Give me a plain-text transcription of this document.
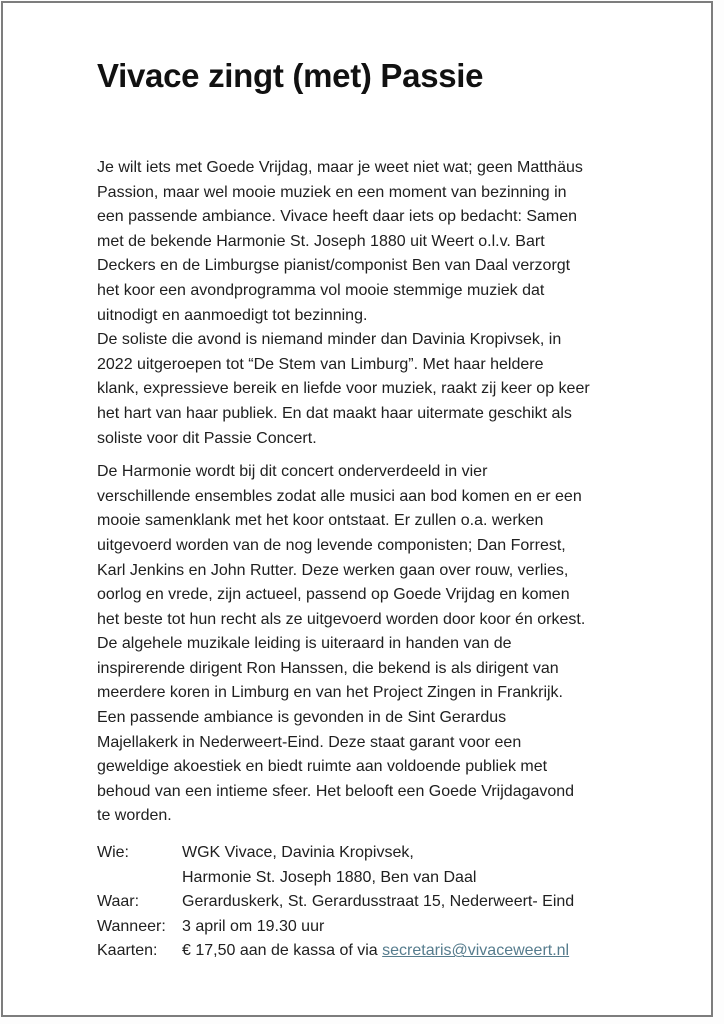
Vivace zingt (met) Passie
Je wilt iets met Goede Vrijdag, maar je weet niet wat; geen Matthäus
Passion, maar wel mooie muziek en een moment van bezinning in
een passende ambiance. Vivace heeft daar iets op bedacht: Samen
met de bekende Harmonie St. Joseph 1880 uit Weert o.l.v. Bart
Deckers en de Limburgse pianist/componist Ben van Daal verzorgt
het koor een avondprogramma vol mooie stemmige muziek dat
uitnodigt en aanmoedigt tot bezinning.
De soliste die avond is niemand minder dan Davinia Kropivsek, in
2022 uitgeroepen tot “De Stem van Limburg”. Met haar heldere
klank, expressieve bereik en liefde voor muziek, raakt zij keer op keer
het hart van haar publiek. En dat maakt haar uitermate geschikt als
soliste voor dit Passie Concert.
De Harmonie wordt bij dit concert onderverdeeld in vier
verschillende ensembles zodat alle musici aan bod komen en er een
mooie samenklank met het koor ontstaat. Er zullen o.a. werken
uitgevoerd worden van de nog levende componisten; Dan Forrest,
Karl Jenkins en John Rutter. Deze werken gaan over rouw, verlies,
oorlog en vrede, zijn actueel, passend op Goede Vrijdag en komen
het beste tot hun recht als ze uitgevoerd worden door koor én orkest.
De algehele muzikale leiding is uiteraard in handen van de
inspirerende dirigent Ron Hanssen, die bekend is als dirigent van
meerdere koren in Limburg en van het Project Zingen in Frankrijk.
Een passende ambiance is gevonden in de Sint Gerardus
Majellakerk in Nederweert-Eind. Deze staat garant voor een
geweldige akoestiek en biedt ruimte aan voldoende publiek met
behoud van een intieme sfeer. Het belooft een Goede Vrijdagavond
te worden.
Wie:	WGK Vivace, Davinia Kropivsek,
Harmonie St. Joseph 1880, Ben van Daal
Waar:	Gerarduskerk, St. Gerardusstraat 15, Nederweert- Eind
Wanneer:	3 april om 19.30 uur
Kaarten:	€ 17,50 aan de kassa of via secretaris@vivaceweert.nl
